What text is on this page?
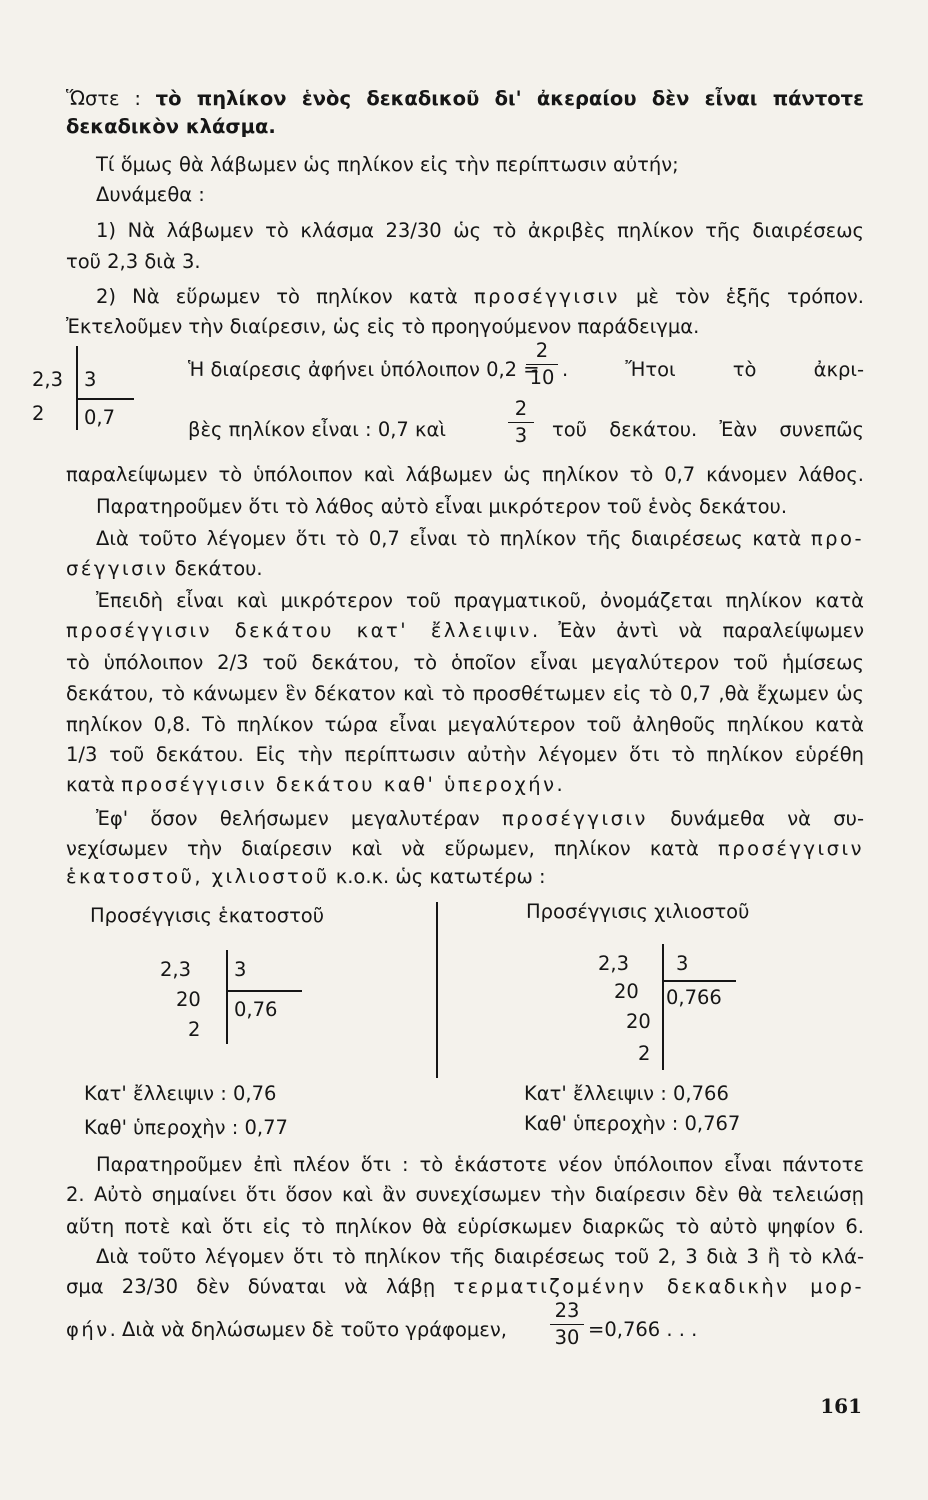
Ὥστε : τὸ πηλίκον ἑνὸς δεκαδικοῦ δι' ἀκεραίου δὲν εἶναι πάντοτε
δεκαδικὸν κλάσμα.
Τί ὅμως θὰ λάβωμεν ὡς πηλίκον εἰς τὴν περίπτωσιν αὐτήν;
Δυνάμεθα :
1) Νὰ λάβωμεν τὸ κλάσμα 23/30 ὡς τὸ ἀκριβὲς πηλίκον τῆς διαιρέσεως
τοῦ 2,3 διὰ 3.
2) Νὰ εὕρωμεν τὸ πηλίκον κατὰ προσέγγισιν μὲ τὸν ἑξῆς τρόπον.
Ἐκτελοῦμεν τὴν διαίρεσιν, ὡς εἰς τὸ προηγούμενον παράδειγμα.
2,3
2
3
0,7
Ἡ διαίρεσις ἀφήνει ὑπόλοιπον 0,2 =
2
10 . Ἤτοι τὸ ἀκρι-
βὲς πηλίκον εἶναι : 0,7 καὶ
2
3	τοῦ δεκάτου. Ἐὰν συνεπῶς
παραλείψωμεν τὸ ὑπόλοιπον καὶ λάβωμεν ὡς πηλίκον τὸ 0,7 κάνομεν λάθος.
Παρατηροῦμεν ὅτι τὸ λάθος αὐτὸ εἶναι μικρότερον τοῦ ἑνὸς δεκάτου.
Διὰ τοῦτο λέγομεν ὅτι τὸ 0,7 εἶναι τὸ πηλίκον τῆς διαιρέσεως κατὰ προ-
σέγγισιν δεκάτου.
Ἐπειδὴ εἶναι καὶ μικρότερον τοῦ πραγματικοῦ, ὀνομάζεται πηλίκον κατὰ
προσέγγισιν δεκάτου κατ' ἔλλειψιν. Ἐὰν ἀντὶ νὰ παραλείψωμεν
τὸ ὑπόλοιπον 2/3 τοῦ δεκάτου, τὸ ὁποῖον εἶναι μεγαλύτερον τοῦ ἡμίσεως
δεκάτου, τὸ κάνωμεν ἓν δέκατον καὶ τὸ προσθέτωμεν εἰς τὸ 0,7 ,θὰ ἔχωμεν ὡς
πηλίκον 0,8. Τὸ πηλίκον τώρα εἶναι μεγαλύτερον τοῦ ἀληθοῦς πηλίκου κατὰ
1/3 τοῦ δεκάτου. Εἰς τὴν περίπτωσιν αὐτὴν λέγομεν ὅτι τὸ πηλίκον εὑρέθη
κατὰ προσέγγισιν δεκάτου καθ' ὑπεροχήν.
Ἐφ' ὅσον θελήσωμεν μεγαλυτέραν προσέγγισιν δυνάμεθα νὰ συ-
νεχίσωμεν τὴν διαίρεσιν καὶ νὰ εὕρωμεν, πηλίκον κατὰ προσέγγισιν
ἑκατοστοῦ, χιλιοστοῦ κ.ο.κ. ὡς κατωτέρω :
Προσέγγισις ἑκατοστοῦ
2,3
20
2
3
0,76
Κατ' ἔλλειψιν : 0,76
Καθ' ὑπεροχὴν : 0,77
Προσέγγισις χιλιοστοῦ
2,3
20
20
2
3
0,766
Κατ' ἔλλειψιν : 0,766
Καθ' ὑπεροχὴν : 0,767
Παρατηροῦμεν ἐπὶ πλέον ὅτι : τὸ ἑκάστοτε νέον ὑπόλοιπον εἶναι πάντοτε
2. Αὐτὸ σημαίνει ὅτι ὅσον καὶ ἂν συνεχίσωμεν τὴν διαίρεσιν δὲν θὰ τελειώσῃ
αὕτη ποτὲ καὶ ὅτι εἰς τὸ πηλίκον θὰ εὑρίσκωμεν διαρκῶς τὸ αὐτὸ ψηφίον 6.
Διὰ τοῦτο λέγομεν ὅτι τὸ πηλίκον τῆς διαιρέσεως τοῦ 2, 3 διὰ 3 ἢ τὸ κλά-
σμα 23/30 δὲν δύναται νὰ λάβῃ τερματιζομένην δεκαδικὴν μορ-
φήν. Διὰ νὰ δηλώσωμεν δὲ τοῦτο γράφομεν,
23
30 =0,766 . . .
161
